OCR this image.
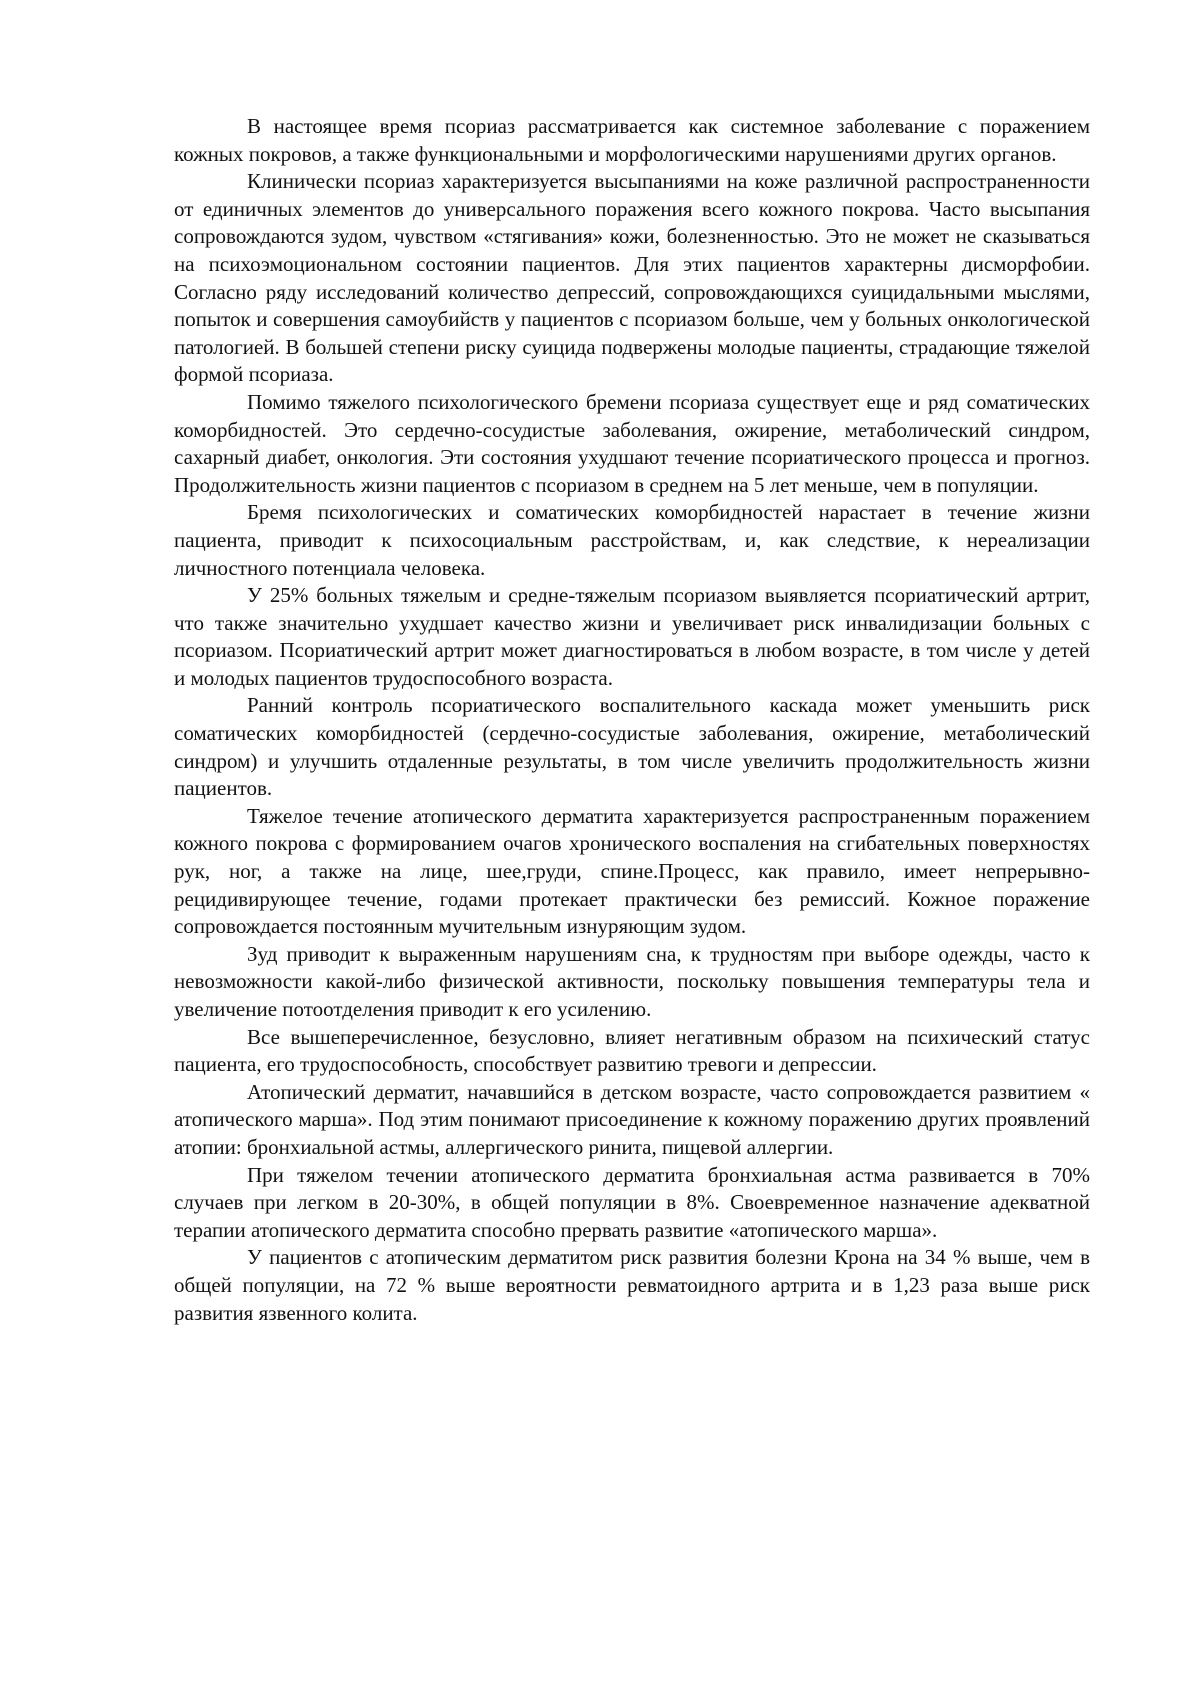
В настоящее время псориаз рассматривается как системное заболевание с поражением кожных покровов, а также функциональными и морфологическими нарушениями других органов.

Клинически псориаз характеризуется высыпаниями на коже различной распространенности от единичных элементов до универсального поражения всего кожного покрова. Часто высыпания сопровождаются зудом, чувством «стягивания» кожи, болезненностью. Это не может не сказываться на психоэмоциональном состоянии пациентов. Для этих пациентов характерны дисморфобии. Согласно ряду исследований количество депрессий, сопровождающихся суицидальными мыслями, попыток и совершения самоубийств у пациентов с псориазом больше, чем у больных онкологической патологией. В большей степени риску суицида подвержены молодые пациенты, страдающие тяжелой формой псориаза.

Помимо тяжелого психологического бремени псориаза существует еще и ряд соматических коморбидностей. Это сердечно-сосудистые заболевания, ожирение, метаболический синдром, сахарный диабет, онкология. Эти состояния ухудшают течение псориатического процесса и прогноз. Продолжительность жизни пациентов с псориазом в среднем на 5 лет меньше, чем в популяции.

Бремя психологических и соматических коморбидностей нарастает в течение жизни пациента, приводит к психосоциальным расстройствам, и, как следствие, к нереализации личностного потенциала человека.

У 25% больных тяжелым и средне-тяжелым псориазом выявляется псориатический артрит, что также значительно ухудшает качество жизни и увеличивает риск инвалидизации больных с псориазом. Псориатический артрит может диагностироваться в любом возрасте, в том числе у детей и молодых пациентов трудоспособного возраста.

Ранний контроль псориатического воспалительного каскада может уменьшить риск соматических коморбидностей (сердечно-сосудистые заболевания, ожирение, метаболический синдром) и улучшить отдаленные результаты, в том числе увеличить продолжительность жизни пациентов.

Тяжелое течение атопического дерматита характеризуется распространенным поражением кожного покрова с формированием очагов хронического воспаления на сгибательных поверхностях рук, ног, а также на лице, шее,груди, спине.Процесс, как правило, имеет непрерывно-рецидивирующее течение, годами протекает практически без ремиссий. Кожное поражение сопровождается постоянным мучительным изнуряющим зудом.

Зуд приводит к выраженным нарушениям сна, к трудностям при выборе одежды, часто к невозможности какой-либо физической активности, поскольку повышения температуры тела и увеличение потоотделения приводит к его усилению.

Все вышеперечисленное, безусловно, влияет негативным образом на психический статус пациента, его трудоспособность, способствует развитию тревоги и депрессии.

Атопический дерматит, начавшийся в детском возрасте, часто сопровождается развитием « атопического марша». Под этим понимают присоединение к кожному поражению других проявлений атопии: бронхиальной астмы, аллергического ринита, пищевой аллергии.

При тяжелом течении атопического дерматита бронхиальная астма развивается в 70% случаев при легком в 20-30%, в общей популяции в 8%. Своевременное назначение адекватной терапии атопического дерматита способно прервать развитие «атопического марша».

У пациентов с атопическим дерматитом риск развития болезни Крона на 34 % выше, чем в общей популяции, на 72 % выше вероятности ревматоидного артрита и в 1,23 раза выше риск развития язвенного колита.
